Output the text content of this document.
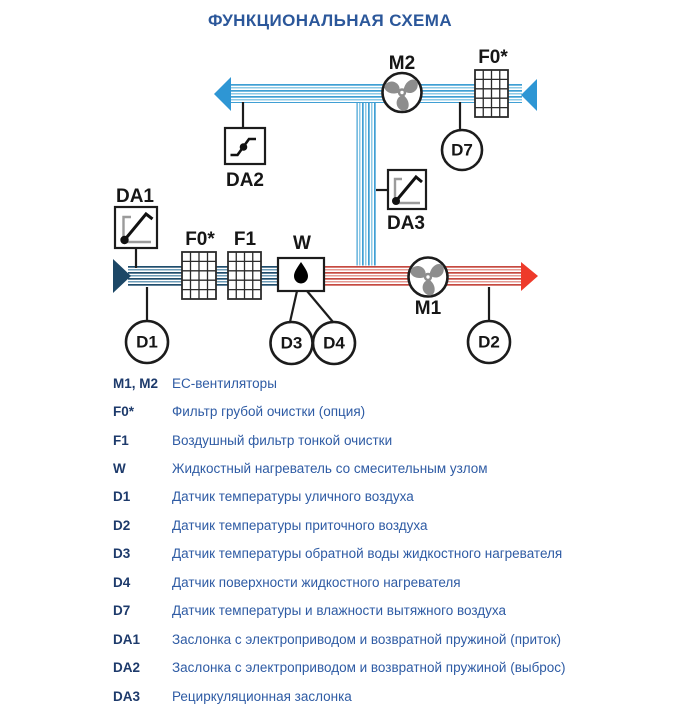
ФУНКЦИОНАЛЬНАЯ СХЕМА
M2	F0*
DA2
DA1
F0* F1 W
DA3
M1
D7
D1	D3 D4	D2
M1, M2	ЕС-вентиляторы
F0*	Фильтр грубой очистки (опция)
F1	Воздушный фильтр тонкой очистки
W	Жидкостный нагреватель со смесительным узлом
D1	Датчик температуры уличного воздуха
D2	Датчик температуры приточного воздуха
D3	Датчик температуры обратной воды жидкостного нагревателя
D4	Датчик поверхности жидкостного нагревателя
D7	Датчик температуры и влажности вытяжного воздуха
DA1	Заслонка с электроприводом и возвратной пружиной (приток)
DA2	Заслонка с электроприводом и возвратной пружиной (выброс)
DA3	Рециркуляционная заслонка
